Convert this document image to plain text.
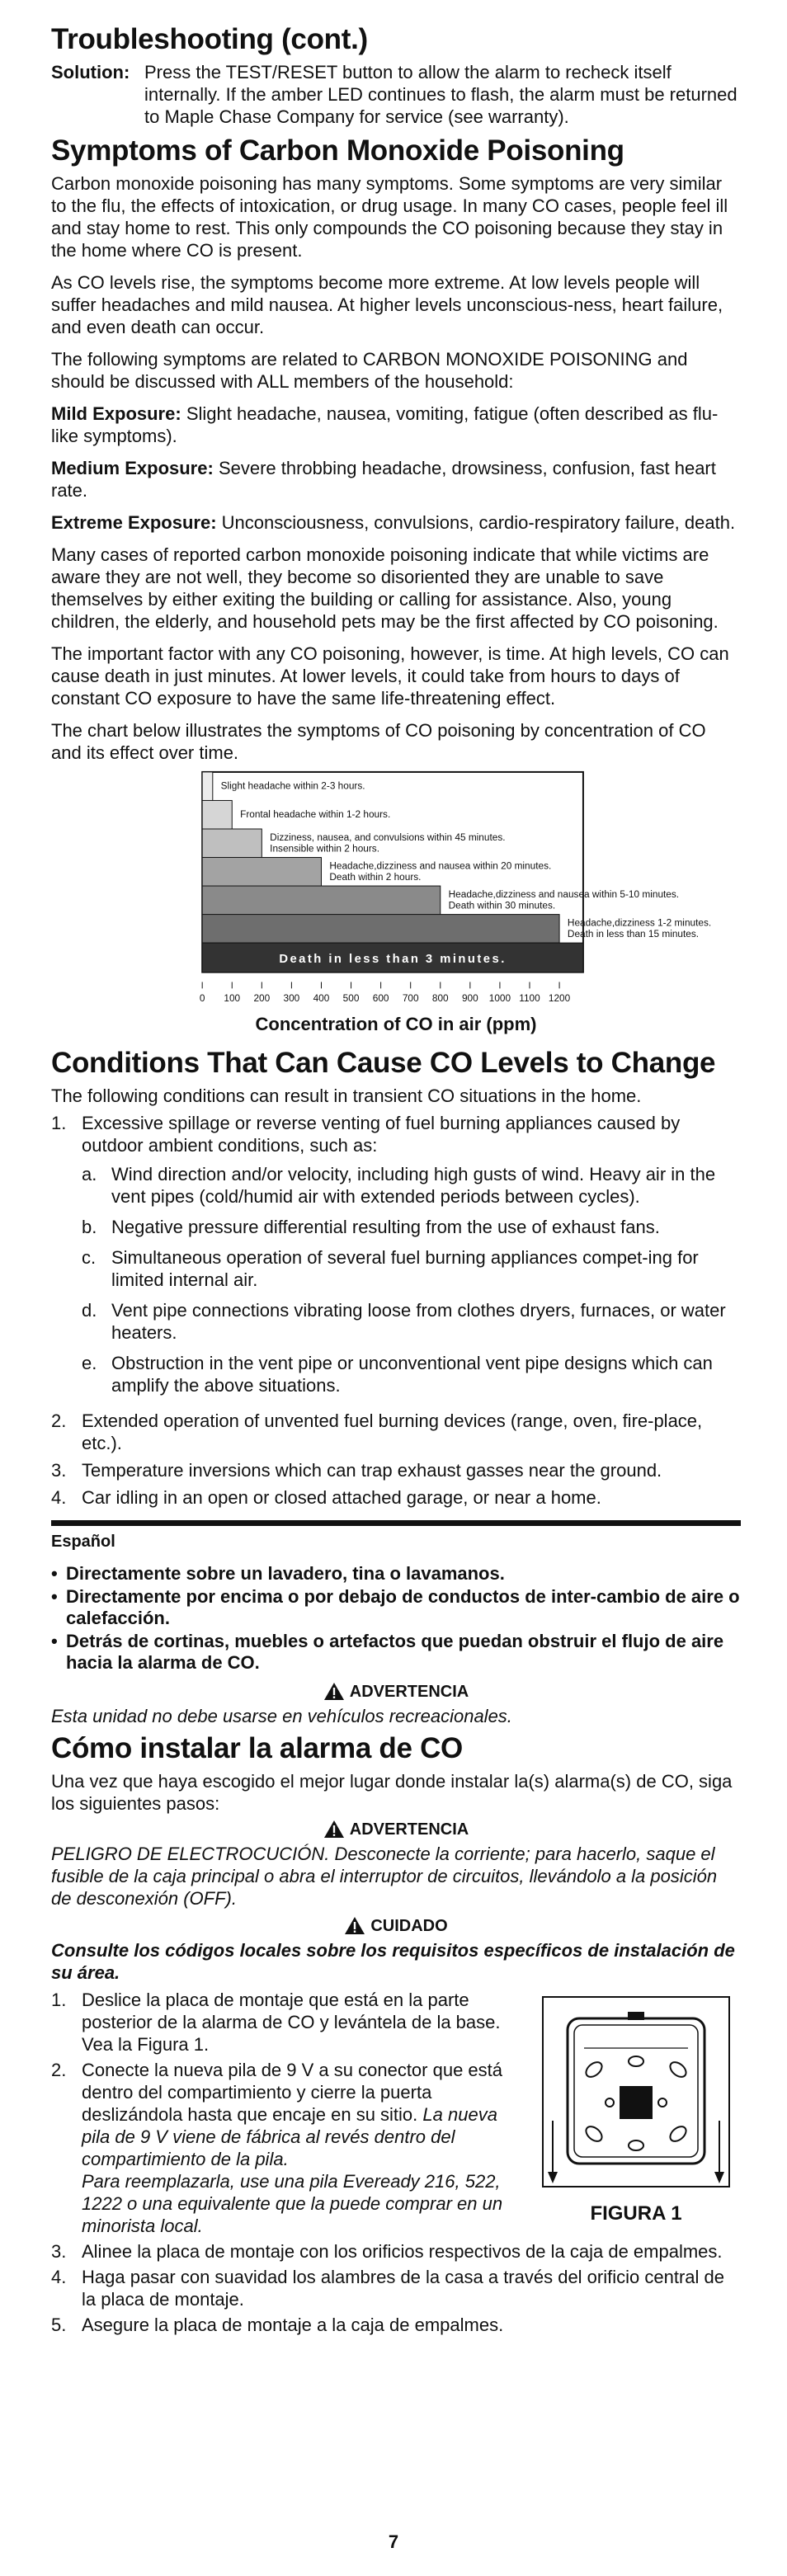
Troubleshooting (cont.)
Solution: Press the TEST/RESET button to allow the alarm to recheck itself internally. If the amber LED continues to flash, the alarm must be returned to Maple Chase Company for service (see warranty).
Symptoms of Carbon Monoxide Poisoning

Carbon monoxide poisoning has many symptoms. Some symptoms are very similar to the flu, the effects of intoxication, or drug usage. In many CO cases, people feel ill and stay home to rest. This only compounds the CO poisoning because they stay in the home where CO is present.

As CO levels rise, the symptoms become more extreme. At low levels people will suffer headaches and mild nausea. At higher levels unconscious-ness, heart failure, and even death can occur.

The following symptoms are related to CARBON MONOXIDE POISONING and should be discussed with ALL members of the household:

Mild Exposure: Slight headache, nausea, vomiting, fatigue (often described as flu-like symptoms).

Medium Exposure: Severe throbbing headache, drowsiness, confusion, fast heart rate.

Extreme Exposure: Unconsciousness, convulsions, cardio-respiratory failure, death.

Many cases of reported carbon monoxide poisoning indicate that while victims are aware they are not well, they become so disoriented they are unable to save themselves by either exiting the building or calling for assistance. Also, young children, the elderly, and household pets may be the first affected by CO poisoning.

The important factor with any CO poisoning, however, is time. At high levels, CO can cause death in just minutes. At lower levels, it could take from hours to days of constant CO exposure to have the same life-threatening effect.

The chart below illustrates the symptoms of CO poisoning by concentration of CO and its effect over time.

Slight headache within 2-3 hours.
Frontal headache within 1-2 hours.
Dizziness, nausea, and convulsions within 45 minutes.
Insensible within 2 hours.
Headache,dizziness and nausea within 20 minutes.
Death within 2 hours.
Headache,dizziness and nausea within 5-10 minutes.
Death within 30 minutes.
Headache,dizziness 1-2 minutes.
Death in less than 15 minutes.
Death in less than 3 minutes.
0 100 200 300 400 500 600 700 800 900 1000 1100 1200
Concentration of CO in air (ppm)
Conditions That Can Cause CO Levels to Change

The following conditions can result in transient CO situations in the home.

1. Excessive spillage or reverse venting of fuel burning appliances caused by outdoor ambient conditions, such as:
a. Wind direction and/or velocity, including high gusts of wind. Heavy air in the vent pipes (cold/humid air with extended periods between cycles).
b. Negative pressure differential resulting from the use of exhaust fans.
c. Simultaneous operation of several fuel burning appliances compet-ing for limited internal air.
d. Vent pipe connections vibrating loose from clothes dryers, furnaces, or water heaters.
e. Obstruction in the vent pipe or unconventional vent pipe designs which can amplify the above situations.
2. Extended operation of unvented fuel burning devices (range, oven, fire-place, etc.).
3. Temperature inversions which can trap exhaust gasses near the ground.
4. Car idling in an open or closed attached garage, or near a home.
Español
• Directamente sobre un lavadero, tina o lavamanos.
• Directamente por encima o por debajo de conductos de inter-cambio de aire o calefacción.
• Detrás de cortinas, muebles o artefactos que puedan obstruir el flujo de aire hacia la alarma de CO.
ADVERTENCIA
Esta unidad no debe usarse en vehículos recreacionales.
Cómo instalar la alarma de CO

Una vez que haya escogido el mejor lugar donde instalar la(s) alarma(s) de CO, siga los siguientes pasos:

ADVERTENCIA
PELIGRO DE ELECTROCUCIÓN. Desconecte la corriente; para hacerlo, saque el fusible de la caja principal o abra el interruptor de circuitos, llevándolo a la posición de desconexión (OFF).
CUIDADO
Consulte los códigos locales sobre los requisitos específicos de instalación de su área.
1. Deslice la placa de montaje que está en la parte posterior de la alarma de CO y levántela de la base. Vea la Figura 1.
2. Conecte la nueva pila de 9 V a su conector que está dentro del compartimiento y cierre la puerta deslizándola hasta que encaje en su sitio. La nueva pila de 9 V viene de fábrica al revés dentro del compartimiento de la pila.
Para reemplazarla, use una pila Eveready 216, 522, 1222 o una equivalente que la puede comprar en un minorista local.
3. Alinee la placa de montaje con los orificios respectivos de la caja de empalmes.
4. Haga pasar con suavidad los alambres de la casa a través del orificio central de la placa de montaje.
5. Asegure la placa de montaje a la caja de empalmes.
FIGURA 1
7
